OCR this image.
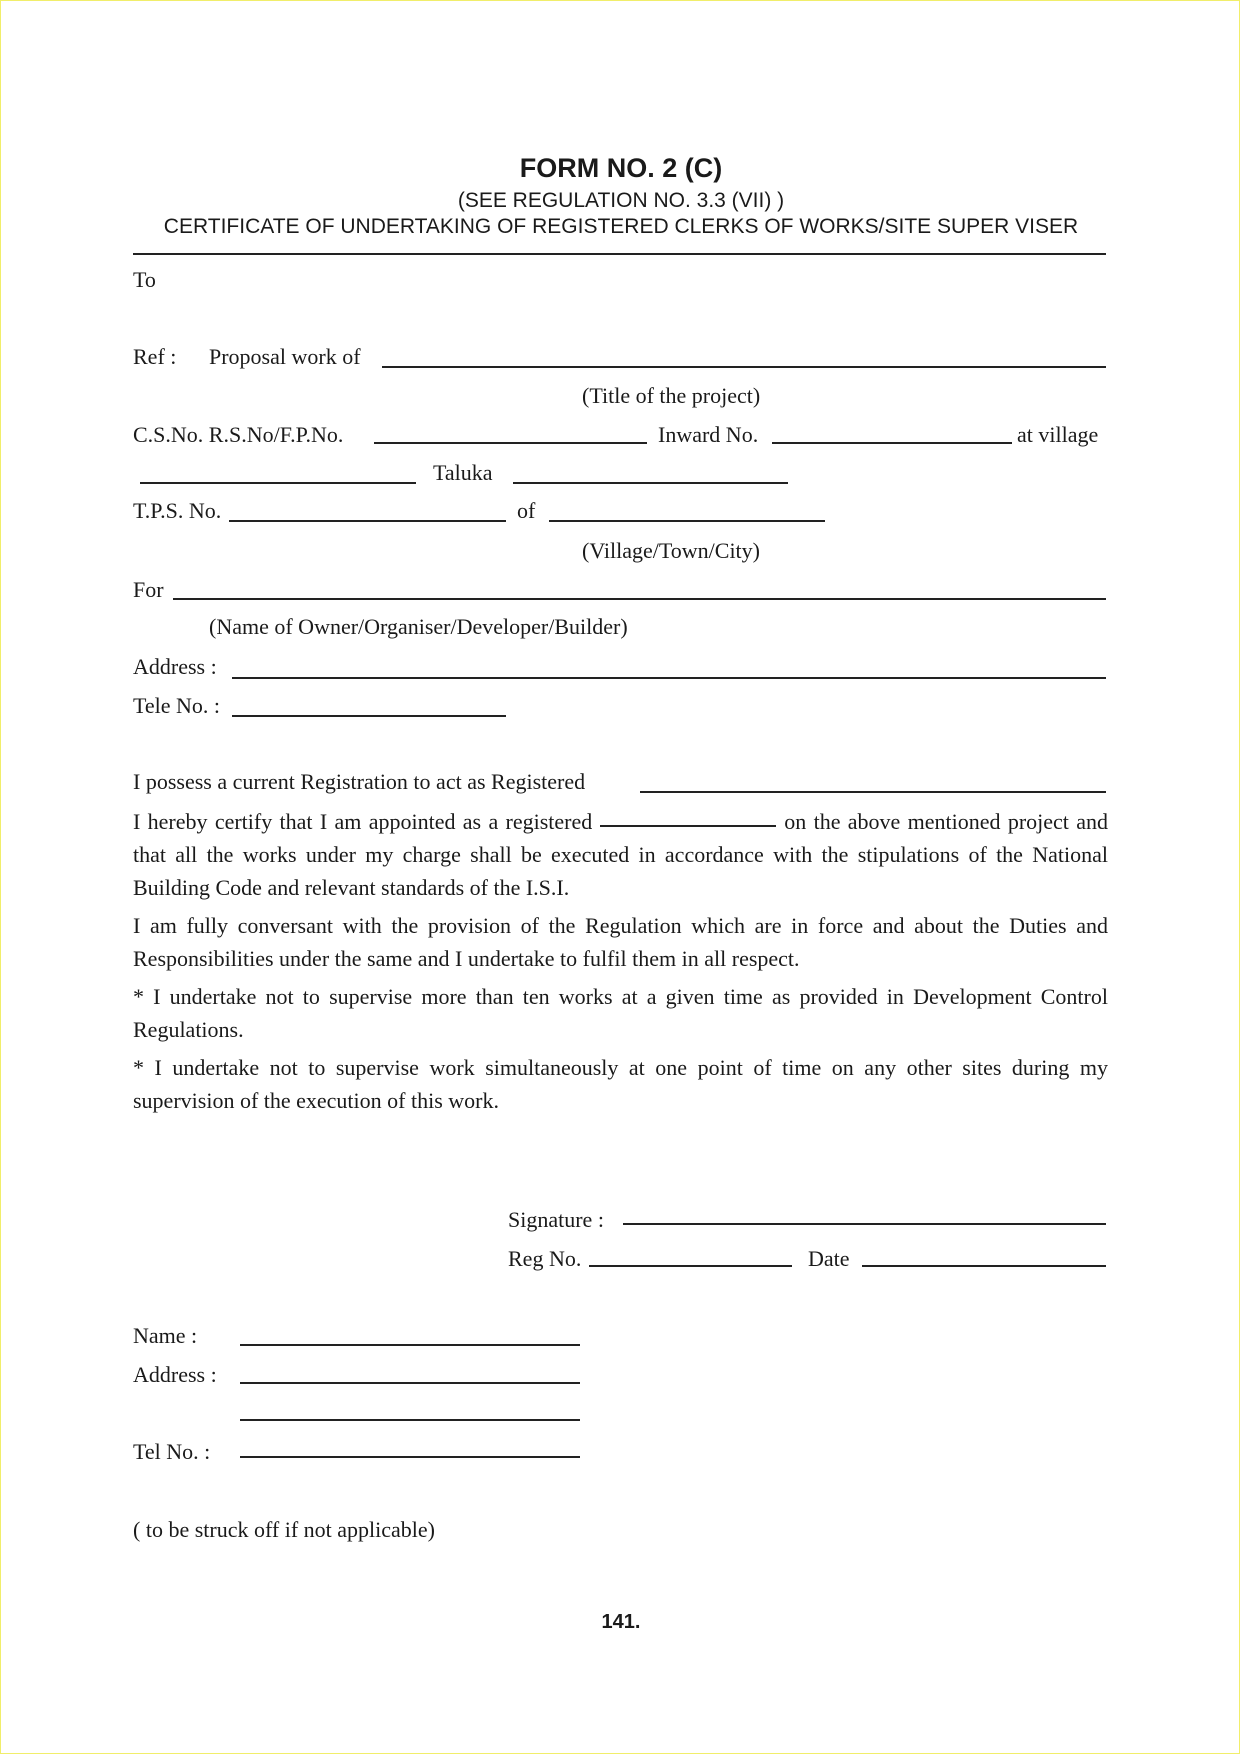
FORM NO. 2 (C)
(SEE REGULATION NO. 3.3 (VII) )
CERTIFICATE OF UNDERTAKING OF REGISTERED CLERKS OF WORKS/SITE SUPER VISER
To
Ref : Proposal work of
(Title of the project)
C.S.No. R.S.No/F.P.No.	Inward No.	at village
Taluka
T.P.S. No.	of
(Village/Town/City)
For
(Name of Owner/Organiser/Developer/Builder)
Address :
Tele No. :
I possess a current Registration to act as Registered

I hereby certify that I am appointed as a registered	on the above mentioned project and that all the works under my charge shall be executed in accordance with the stipulations of the National Building Code and relevant standards of the I.S.I.

I am fully conversant with the provision of the Regulation which are in force and about the Duties and Responsibilities under the same and I undertake to fulfil them in all respect.

* I undertake not to supervise more than ten works at a given time as provided in Development Control Regulations.

* I undertake not to supervise work simultaneously at one point of time on any other sites during my supervision of the execution of this work.

Signature :
Reg No.	Date
Name :
Address :
Tel No. :
( to be struck off if not applicable)
141.
